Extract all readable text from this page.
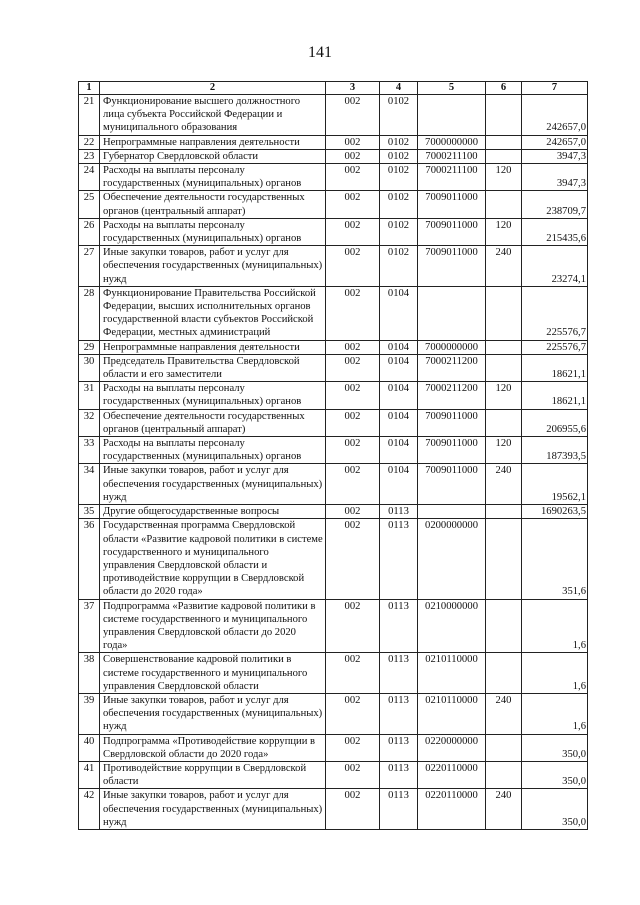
141
1	2	3	4	5	6	7
21	Функционирование высшего должностного лица субъекта Российской Федерации и муниципального образования	002	0102			242657,0
22	Непрограммные направления деятельности	002	0102	7000000000		242657,0
23	Губернатор Свердловской области	002	0102	7000211100		3947,3
24	Расходы на выплаты персоналу государственных (муниципальных) органов	002	0102	7000211100	120	3947,3
25	Обеспечение деятельности государственных органов (центральный аппарат)	002	0102	7009011000		238709,7
26	Расходы на выплаты персоналу государственных (муниципальных) органов	002	0102	7009011000	120	215435,6
27	Иные закупки товаров, работ и услуг для обеспечения государственных (муниципальных) нужд	002	0102	7009011000	240	23274,1
28	Функционирование Правительства Российской Федерации, высших исполнительных органов государственной власти субъектов Российской Федерации, местных администраций	002	0104			225576,7
29	Непрограммные направления деятельности	002	0104	7000000000		225576,7
30	Председатель Правительства Свердловской области и его заместители	002	0104	7000211200		18621,1
31	Расходы на выплаты персоналу государственных (муниципальных) органов	002	0104	7000211200	120	18621,1
32	Обеспечение деятельности государственных органов (центральный аппарат)	002	0104	7009011000		206955,6
33	Расходы на выплаты персоналу государственных (муниципальных) органов	002	0104	7009011000	120	187393,5
34	Иные закупки товаров, работ и услуг для обеспечения государственных (муниципальных) нужд	002	0104	7009011000	240	19562,1
35	Другие общегосударственные вопросы	002	0113			1690263,5
36	Государственная программа Свердловской области «Развитие кадровой политики в системе государственного и муниципального управления Свердловской области и противодействие коррупции в Свердловской области до 2020 года»	002	0113	0200000000		351,6
37	Подпрограмма «Развитие кадровой политики в системе государственного и муниципального управления Свердловской области до 2020 года»	002	0113	0210000000		1,6
38	Совершенствование кадровой политики в системе государственного и муниципального управления Свердловской области	002	0113	0210110000		1,6
39	Иные закупки товаров, работ и услуг для обеспечения государственных (муниципальных) нужд	002	0113	0210110000	240	1,6
40	Подпрограмма «Противодействие коррупции в Свердловской области до 2020 года»	002	0113	0220000000		350,0
41	Противодействие коррупции в Свердловской области	002	0113	0220110000		350,0
42	Иные закупки товаров, работ и услуг для обеспечения государственных (муниципальных) нужд	002	0113	0220110000	240	350,0
